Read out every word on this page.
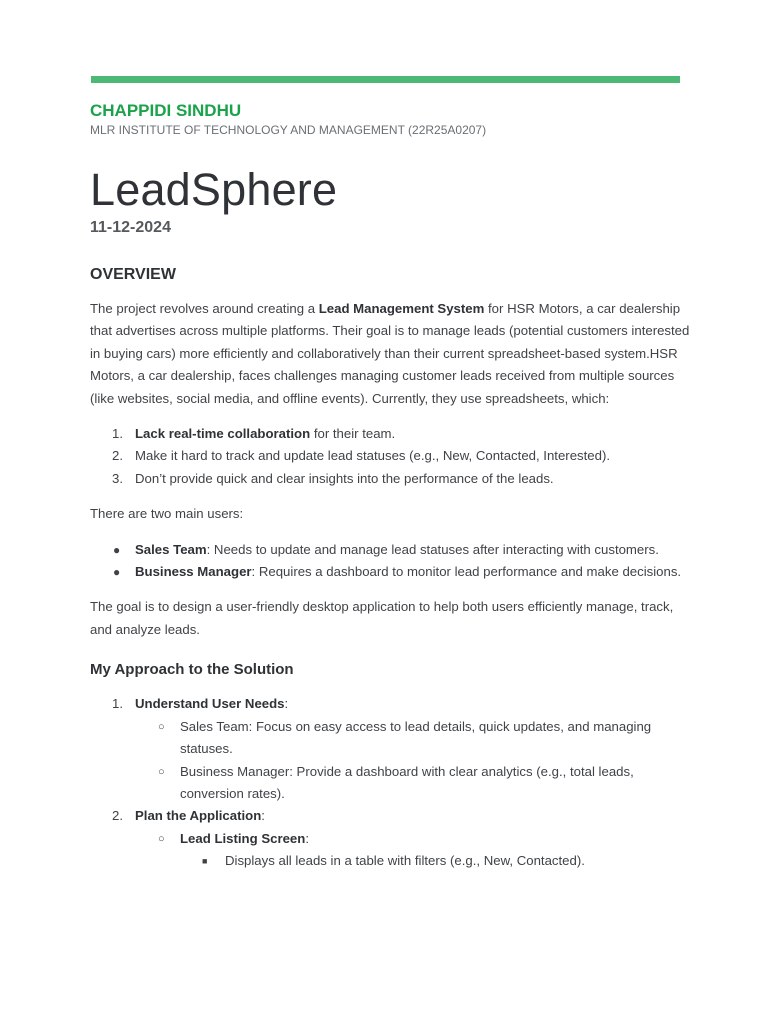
CHAPPIDI SINDHU

MLR INSTITUTE OF TECHNOLOGY AND MANAGEMENT (22R25A0207)

LeadSphere

11-12-2024

OVERVIEW

The project revolves around creating a Lead Management System for HSR Motors, a car dealership that advertises across multiple platforms. Their goal is to manage leads (potential customers interested in buying cars) more efficiently and collaboratively than their current spreadsheet-based system.HSR Motors, a car dealership, faces challenges managing customer leads received from multiple sources (like websites, social media, and offline events). Currently, they use spreadsheets, which:

1. Lack real-time collaboration for their team.
2. Make it hard to track and update lead statuses (e.g., New, Contacted, Interested).
3. Don’t provide quick and clear insights into the performance of the leads.

There are two main users:

● Sales Team: Needs to update and manage lead statuses after interacting with customers.
● Business Manager: Requires a dashboard to monitor lead performance and make decisions.

The goal is to design a user-friendly desktop application to help both users efficiently manage, track, and analyze leads.

My Approach to the Solution
1. Understand User Needs:
○ Sales Team: Focus on easy access to lead details, quick updates, and managing statuses.
○ Business Manager: Provide a dashboard with clear analytics (e.g., total leads, conversion rates).
2. Plan the Application:
○ Lead Listing Screen:
■ Displays all leads in a table with filters (e.g., New, Contacted).
